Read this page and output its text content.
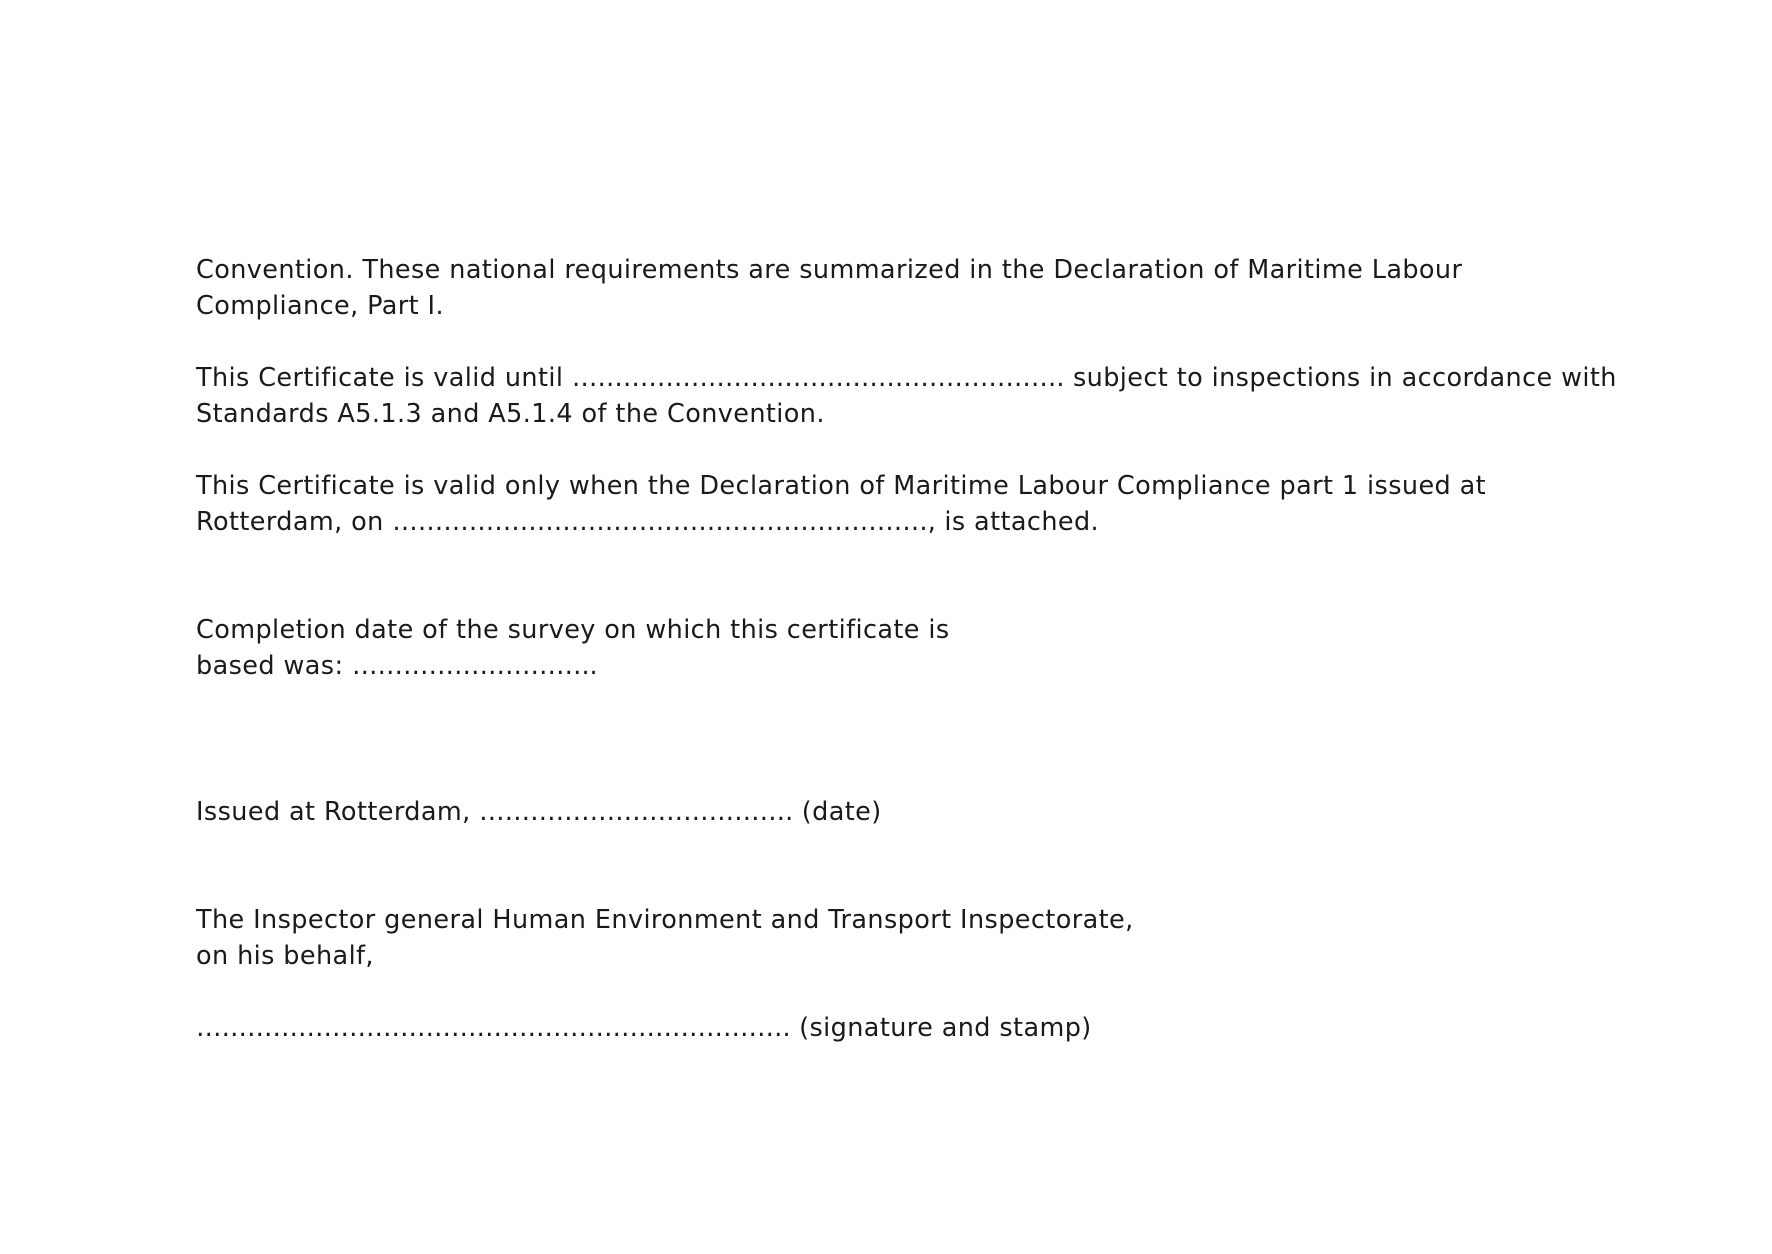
Convention. These national requirements are summarized in the Declaration of Maritime Labour
Compliance, Part I.
This Certificate is valid until …………………………………………………. subject to inspections in accordance with
Standards A5.1.3 and A5.1.4 of the Convention.
This Certificate is valid only when the Declaration of Maritime Labour Compliance part 1 issued at
Rotterdam, on ………………………………………………………, is attached.
Completion date of the survey on which this certificate is
based was: ………………………..
Issued at Rotterdam, ………………………………. (date)
The Inspector general Human Environment and Transport Inspectorate,
on his behalf,
……………………………………………………………. (signature and stamp)
